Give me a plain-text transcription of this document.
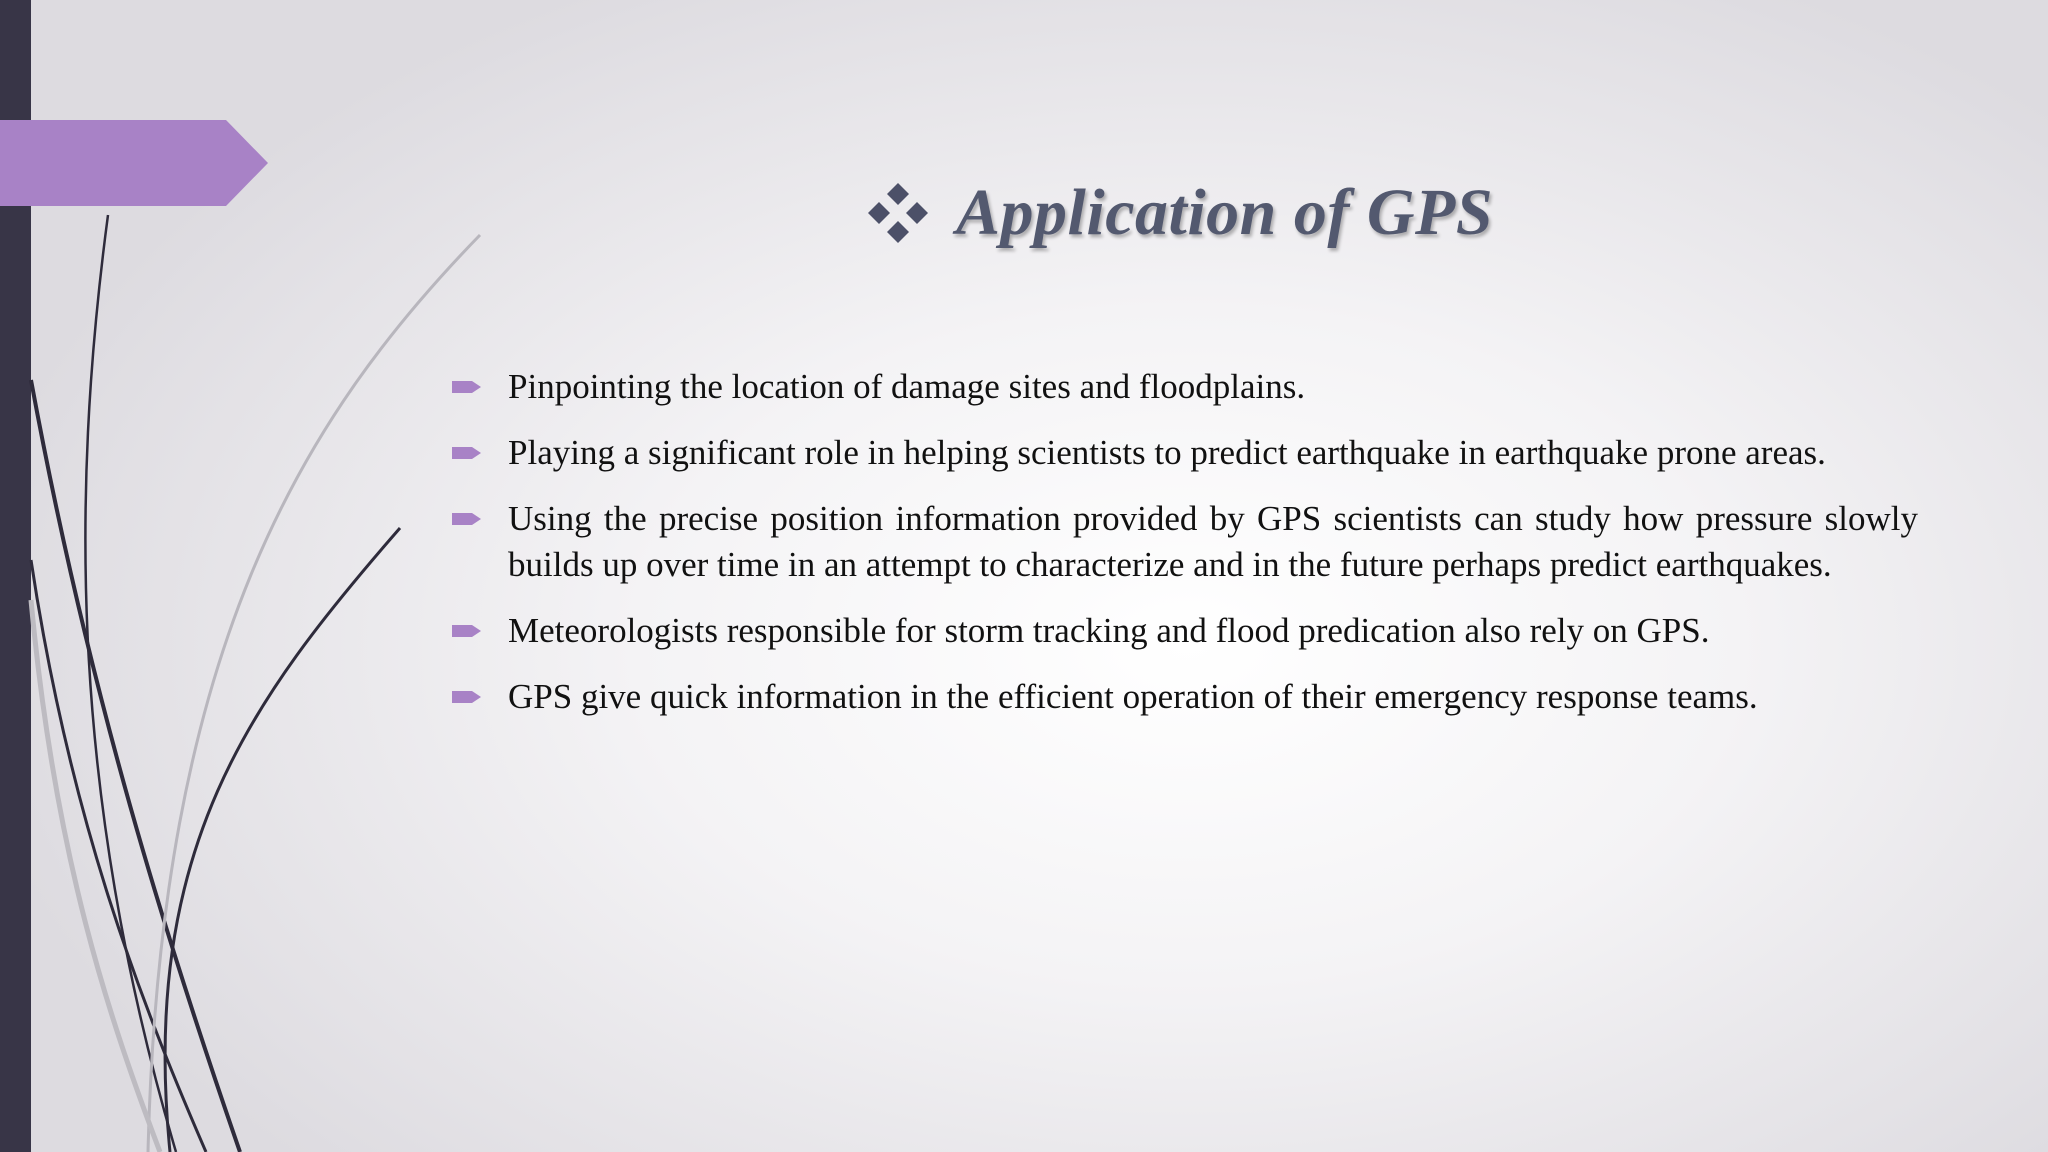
Application of GPS
Pinpointing the location of damage sites and floodplains.
Playing a significant role in helping scientists to predict earthquake in earthquake prone areas.
Using the precise position information provided by GPS scientists can study how pressure slowly builds up over time in an attempt to characterize and in the future perhaps predict earthquakes.
Meteorologists responsible for storm tracking and flood predication also rely on GPS.
GPS give quick information in the efficient operation of their emergency response teams.
